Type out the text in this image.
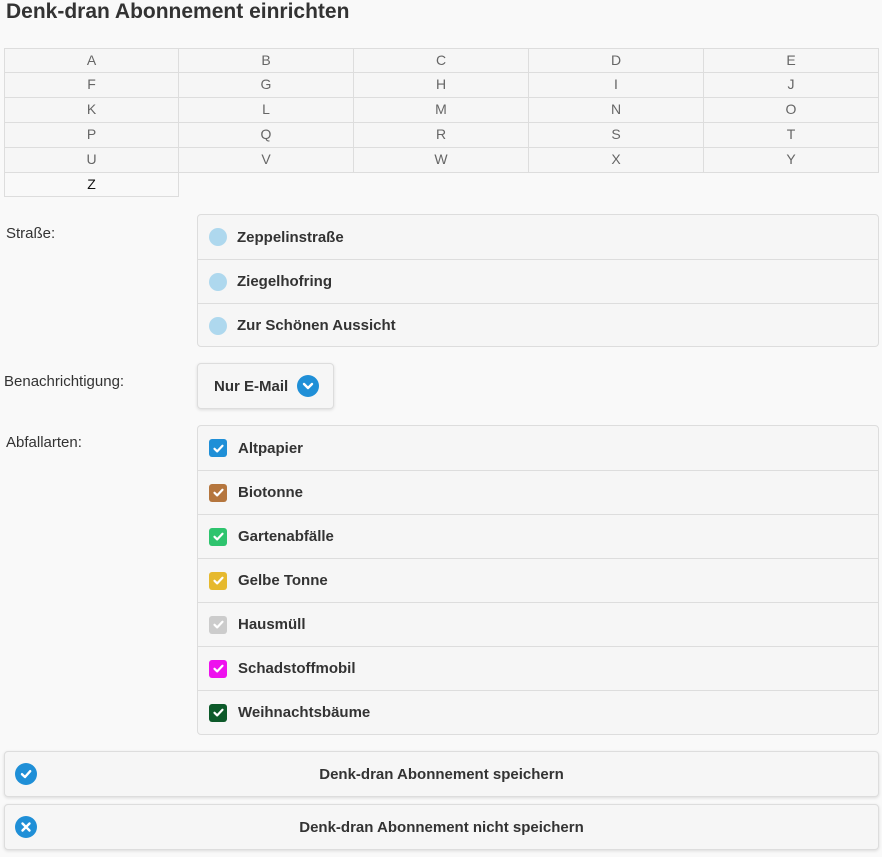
Denk-dran Abonnement einrichten
A	B	C	D	E
F	G	H	I	J
K	L	M	N	O
P	Q	R	S	T
U	V	W	X	Y
Z
Straße:	Zeppelinstraße
Ziegelhofring
Zur Schönen Aussicht
Benachrichtigung:	Nur E-Mail
Abfallarten:	Altpapier
Biotonne
Gartenabfälle
Gelbe Tonne
Hausmüll
Schadstoffmobil
Weihnachtsbäume
Denk-dran Abonnement speichern
Denk-dran Abonnement nicht speichern
